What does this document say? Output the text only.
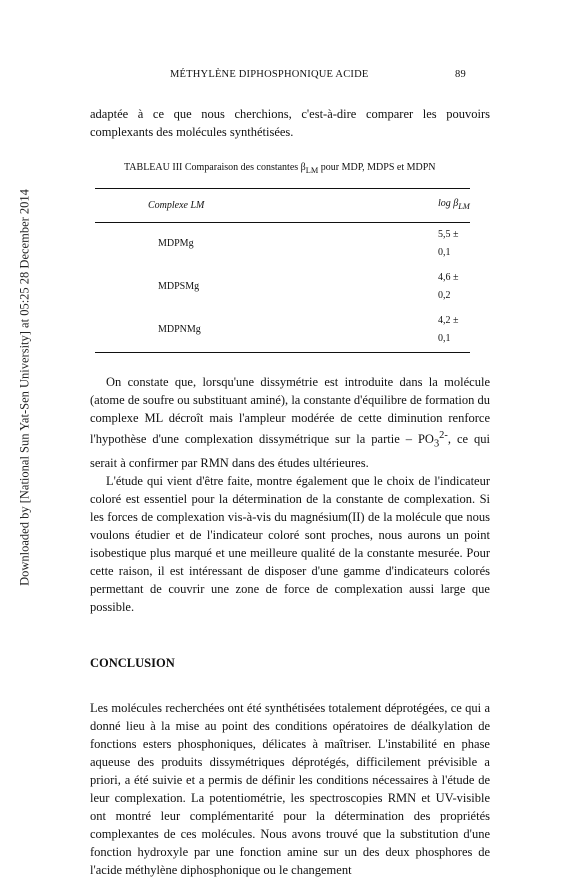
Downloaded by [National Sun Yat-Sen University] at 05:25 28 December 2014
MÉTHYLÈNE DIPHOSPHONIQUE ACIDE	89

adaptée à ce que nous cherchions, c'est-à-dire comparer les pouvoirs complexants des molécules synthétisées.

TABLEAU III Comparaison des constantes $\beta_{LM}$ pour MDP, MDPS et MDPN
Complexe LM	$\log \beta_{LM}$
MDPMg	5,5 ± 0,1
MDPSMg	4,6 ± 0,2
MDPNMg	4,2 ± 0,1

On constate que, lorsqu'une dissymétrie est introduite dans la molécule (atome de soufre ou substituant aminé), la constante d'équilibre de formation du complexe ML décroît mais l'ampleur modérée de cette diminution renforce l'hypothèse d'une complexation dissymétrique sur la partie – $PO_3^{2-}$, ce qui serait à confirmer par RMN dans des études ultérieures.

L'étude qui vient d'être faite, montre également que le choix de l'indicateur coloré est essentiel pour la détermination de la constante de complexation. Si les forces de complexation vis-à-vis du magnésium(II) de la molécule que nous voulons étudier et de l'indicateur coloré sont proches, nous aurons un point isobestique plus marqué et une meilleure qualité de la constante mesurée. Pour cette raison, il est intéressant de disposer d'une gamme d'indicateurs colorés permettant de couvrir une zone de force de complexation aussi large que possible.

CONCLUSION

Les molécules recherchées ont été synthétisées totalement déprotégées, ce qui a donné lieu à la mise au point des conditions opératoires de déalkylation de fonctions esters phosphoniques, délicates à maîtriser. L'instabilité en phase aqueuse des produits dissymétriques déprotégés, difficilement prévisible a priori, a été suivie et a permis de définir les conditions nécessaires à l'étude de leur complexation. La potentiométrie, les spectroscopies RMN et UV-visible ont montré leur complémentarité pour la détermination des propriétés complexantes de ces molécules. Nous avons trouvé que la substitution d'une fonction hydroxyle par une fonction amine sur un des deux phosphores de l'acide méthylène diphosphonique ou le changement
